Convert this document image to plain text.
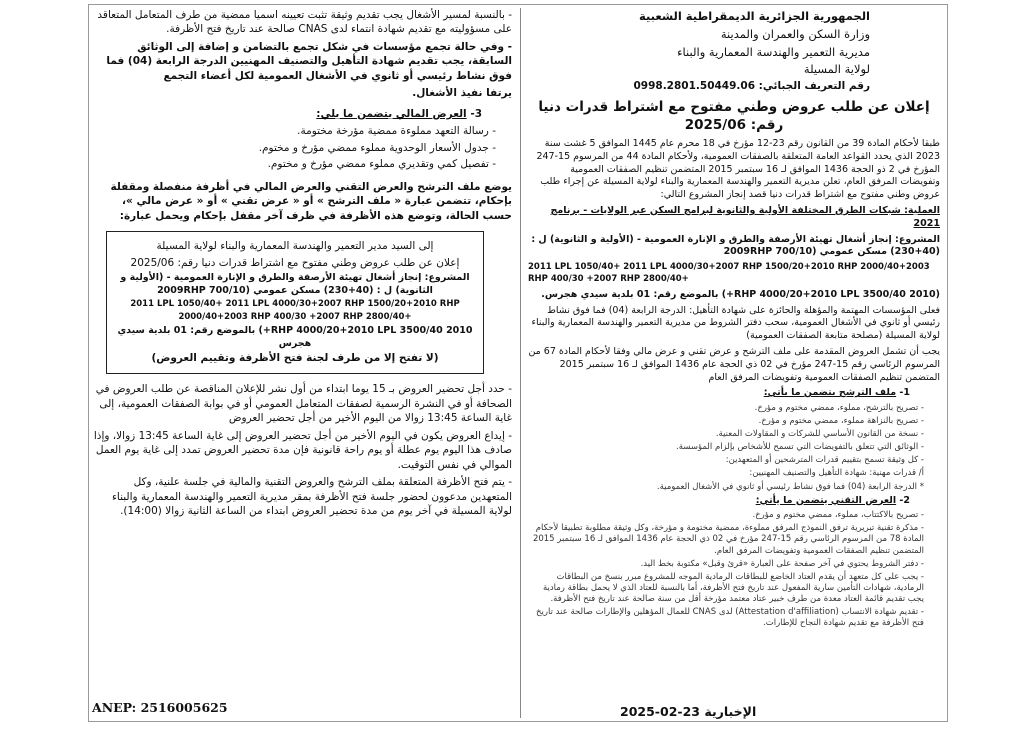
- بالنسبة لمسير الأشغال يجب تقديم وثيقة تثبت تعيينه اسميا ممضية من طرف المتعامل المتعاقد على مسؤوليته مع تقديم شهادة انتماء لدى CNAS صالحة عند تاريخ فتح الأظرفة.

- وفي حالة تجمع مؤسسات في شكل تجمع بالتضامن و إضافة إلى الوثائق السابقة، يجب تقديم شهادة التأهيل والتصنيف المهنيين الدرجة الرابعة (04) فما فوق نشاط رئيسي أو ثانوي في الأشغال العمومية لكل أعضاء التجمع

يرتفا نفيذ الأشغال.

3- العرض المالي يتضمن ما يلي:

- رسالة التعهد مملوءة ممضية مؤرخة مختومة.

- جدول الأسعار الوحدوية مملوء ممضي مؤرخ و مختوم.

- تفصيل كمي وتقديري مملوء ممضي مؤرخ و مختوم.

يوضع ملف الترشح والعرض التقني والعرض المالي في أظرفة منفصلة ومقفلة بإحكام، تتضمن عبارة « ملف الترشح » أو « عرض تقني » أو « عرض مالي »، حسب الحالة، وتوضع هذه الأظرفة في ظرف آخر مقفل بإحكام ويحمل عبارة:

إلى السيد مدير التعمير والهندسة المعمارية والبناء لولاية المسيلة
إعلان عن طلب عروض وطني مفتوح مع اشتراط قدرات دنيا رقم: 2025/06
المشروع: إنجاز أشغال تهيئة الأرصفة والطرق و الإنارة العمومية - (الأولية و الثانوية) ل : (40+230) مسكن عمومي (2009RHP 700/10
2011 LPL 1050/40+ 2011 LPL 4000/30+2007 RHP 1500/20+2010 RHP 2000/40+2003 RHP 400/30 +2007 RHP 2800/40+
2010 RHP 4000/20+2010 LPL 3500/40+) بالموضع رقم: 01 بلدية سيدي هجرس
(لا تفتح إلا من طرف لجنة فتح الأظرفة وتقييم العروض)

- حدد أجل تحضير العروض بـ 15 يوما ابتداء من أول نشر للإعلان المناقصة عن طلب العروض في الصحافة أو في النشرة الرسمية لصفقات المتعامل العمومي أو في بوابة الصفقات العمومية، إلى غاية الساعة 13:45 زوالا من اليوم الأخير من أجل تحضير العروض

- إيداع العروض يكون في اليوم الأخير من أجل تحضير العروض إلى غاية الساعة 13:45 زوالا، وإذا صادف هذا اليوم يوم عطلة أو يوم راحة قانونية فإن مدة تحضير العروض تمدد إلى غاية يوم العمل الموالي في نفس التوقيت.

- يتم فتح الأظرفة المتعلقة بملف الترشح والعروض التقنية والمالية في جلسة علنية، وكل المتعهدين مدعوون لحضور جلسة فتح الأظرفة بمقر مديرية التعمير والهندسة المعمارية والبناء لولاية المسيلة في آخر يوم من مدة تحضير العروض ابتداء من الساعة الثانية زوالا (14:00).

ANEP: 2516005625
الجمهورية الجزائرية الديمقراطية الشعبية
وزارة السكن والعمران والمدينة
مديرية التعمير والهندسة المعمارية والبناء
لولاية المسيلة
رقم التعريف الجبائي: 0998.2801.50449.06
إعلان عن طلب عروض وطني مفتوح مع اشتراط قدرات دنيا رقم: 2025/06

طبقا لأحكام المادة 39 من القانون رقم 23-12 مؤرخ في 18 محرم عام 1445 الموافق 5 غشت سنة 2023 الذي يحدد القواعد العامة المتعلقة بالصفقات العمومية، ولأحكام المادة 44 من المرسوم 15-247 المؤرخ في 2 ذو الحجة 1436 الموافق لـ 16 سبتمبر 2015 المتضمن تنظيم الصفقات العمومية وتفويضات المرفق العام، تعلن مديرية التعمير والهندسة المعمارية والبناء لولاية المسيلة عن إجراء طلب عروض وطني مفتوح مع اشتراط قدرات دنيا قصد إنجاز المشروع التالي:

العملية: شبكات الطرق المختلفة الأولية والثانوية لبرامج السكن عبر الولايات - برنامج 2021

المشروع: إنجاز أشغال تهيئة الأرصفة والطرق و الإنارة العمومية - (الأولية و الثانوية) ل : (40+230) مسكن عمومي (2009RHP 700/10

2011 LPL 1050/40+ 2011 LPL 4000/30+2007 RHP 1500/20+2010 RHP 2000/40+2003 RHP 400/30 +2007 RHP 2800/40+

(2010 RHP 4000/20+2010 LPL 3500/40+) بالموضع رقم: 01 بلدية سيدي هجرس.

فعلى المؤسسات المهتمة والمؤهلة والحائزة على شهادة التأهيل: الدرجة الرابعة (04) فما فوق نشاط رئيسي أو ثانوي في الأشغال العمومية، سحب دفتر الشروط من مديرية التعمير والهندسة المعمارية والبناء لولاية المسيلة (مصلحة متابعة الصفقات العمومية)

يجب أن تشمل العروض المقدمة على ملف الترشح و عرض تقني و عرض مالي وفقا لأحكام المادة 67 من المرسوم الرئاسي رقم 15-247 مؤرخ في 02 ذي الحجة عام 1436 الموافق لـ 16 سبتمبر 2015 المتضمن تنظيم الصفقات العمومية وتفويضات المرفق العام

1- ملف الترشح يتضمن ما يأتي:

- تصريح بالترشح، مملوء، ممضي مختوم و مؤرخ.

- تصريح بالنزاهة مملوء، ممضي مختوم و مؤرخ.

- نسخة من القانون الأساسي للشركات و المقاولات المعنية.

- الوثائق التي تتعلق بالتفويضات التي تسمح للأشخاص بإلزام المؤسسة.

- كل وثيقة تسمح بتقييم قدرات المترشحين أو المتعهدين:

أ/ قدرات مهنية: شهادة التأهيل والتصنيف المهنيين:

* الدرجة الرابعة (04) فما فوق نشاط رئيسي أو ثانوي في الأشغال العمومية.

2- العرض التقني يتضمن ما يأتي:

- تصريح بالاكتتاب، مملوء، ممضي مختوم و مؤرخ.

- مذكرة تقنية تبريرية ترفق النموذج المرفق مملوءة، ممضية مختومة و مؤرخة، وكل وثيقة مطلوبة تطبيقا لأحكام المادة 78 من المرسوم الرئاسي رقم 15-247 مؤرخ في 02 ذي الحجة عام 1436 الموافق لـ 16 سبتمبر 2015 المتضمن تنظيم الصفقات العمومية وتفويضات المرفق العام.

- دفتر الشروط يحتوي في آخر صفحة على العبارة «قرئ وقبل» مكتوبة بخط اليد.

- يجب على كل متعهد أن يقدم العتاد الخاضع للبطاقات الرمادية الموجه للمشروع مبرر بنسخ من البطاقات الرمادية، شهادات التأمين سارية المفعول عند تاريخ فتح الأظرفة، أما بالنسبة للعتاد الذي لا يحمل بطاقة رمادية يجب تقديم قائمة العتاد معدة من طرف خبير عتاد معتمد مؤرخة أقل من سنة صالحة عند تاريخ فتح الأظرفة.

- تقديم شهادة الانتساب (Attestation d'affiliation) لدى CNAS للعمال المؤهلين والإطارات صالحة عند تاريخ فتح الأظرفة مع تقديم شهادة النجاح للإطارات.

الإخبارية 23-02-2025
